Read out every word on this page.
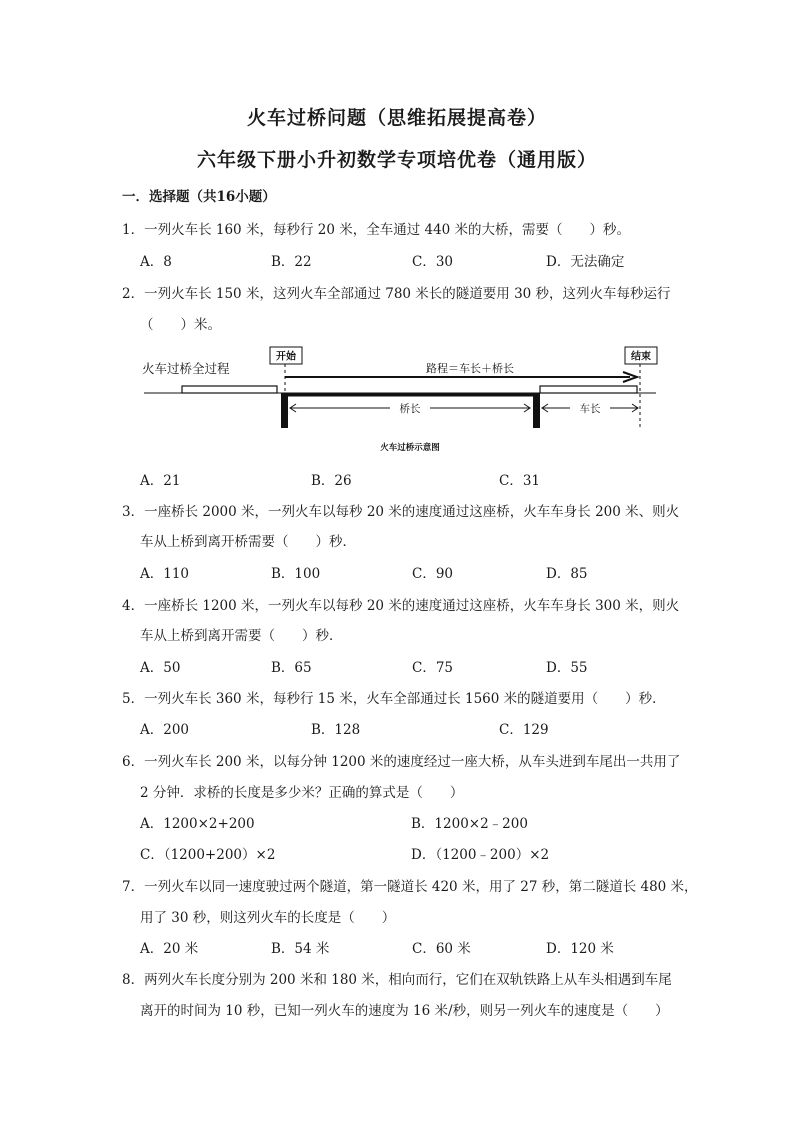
火车过桥问题（思维拓展提高卷）
六年级下册小升初数学专项培优卷（通用版）
一．选择题（共16小题）
1．一列火车长 160 米，每秒行 20 米，全车通过 440 米的大桥，需要（　　）秒。
A．8	B．22	C．30	D．无法确定
2．一列火车长 150 米，这列火车全部通过 780 米长的隧道要用 30 秒，这列火车每秒运行
（　　）米。
火车过桥全过程
开始	结束
路程＝车长＋桥长
桥长	车长
火车过桥示意图
A．21	B．26	C．31
3．一座桥长 2000 米，一列火车以每秒 20 米的速度通过这座桥，火车车身长 200 米、则火
车从上桥到离开桥需要（　　）秒．
A．110	B．100	C．90	D．85
4．一座桥长 1200 米，一列火车以每秒 20 米的速度通过这座桥，火车车身长 300 米，则火
车从上桥到离开需要（　　）秒．
A．50	B．65	C．75	D．55
5．一列火车长 360 米，每秒行 15 米，火车全部通过长 1560 米的隧道要用（　　）秒．
A．200	B．128	C．129
6．一列火车长 200 米，以每分钟 1200 米的速度经过一座大桥，从车头进到车尾出一共用了
2 分钟．求桥的长度是多少米？正确的算式是（　　）
A．1200×2+200	B．1200×2﹣200
C．（1200+200）×2	D．（1200﹣200）×2
7．一列火车以同一速度驶过两个隧道，第一隧道长 420 米，用了 27 秒，第二隧道长 480 米，
用了 30 秒，则这列火车的长度是（　　）
A．20 米	B．54 米	C．60 米	D．120 米
8．两列火车长度分别为 200 米和 180 米，相向而行，它们在双轨铁路上从车头相遇到车尾
离开的时间为 10 秒，已知一列火车的速度为 16 米/秒，则另一列火车的速度是（　　）
